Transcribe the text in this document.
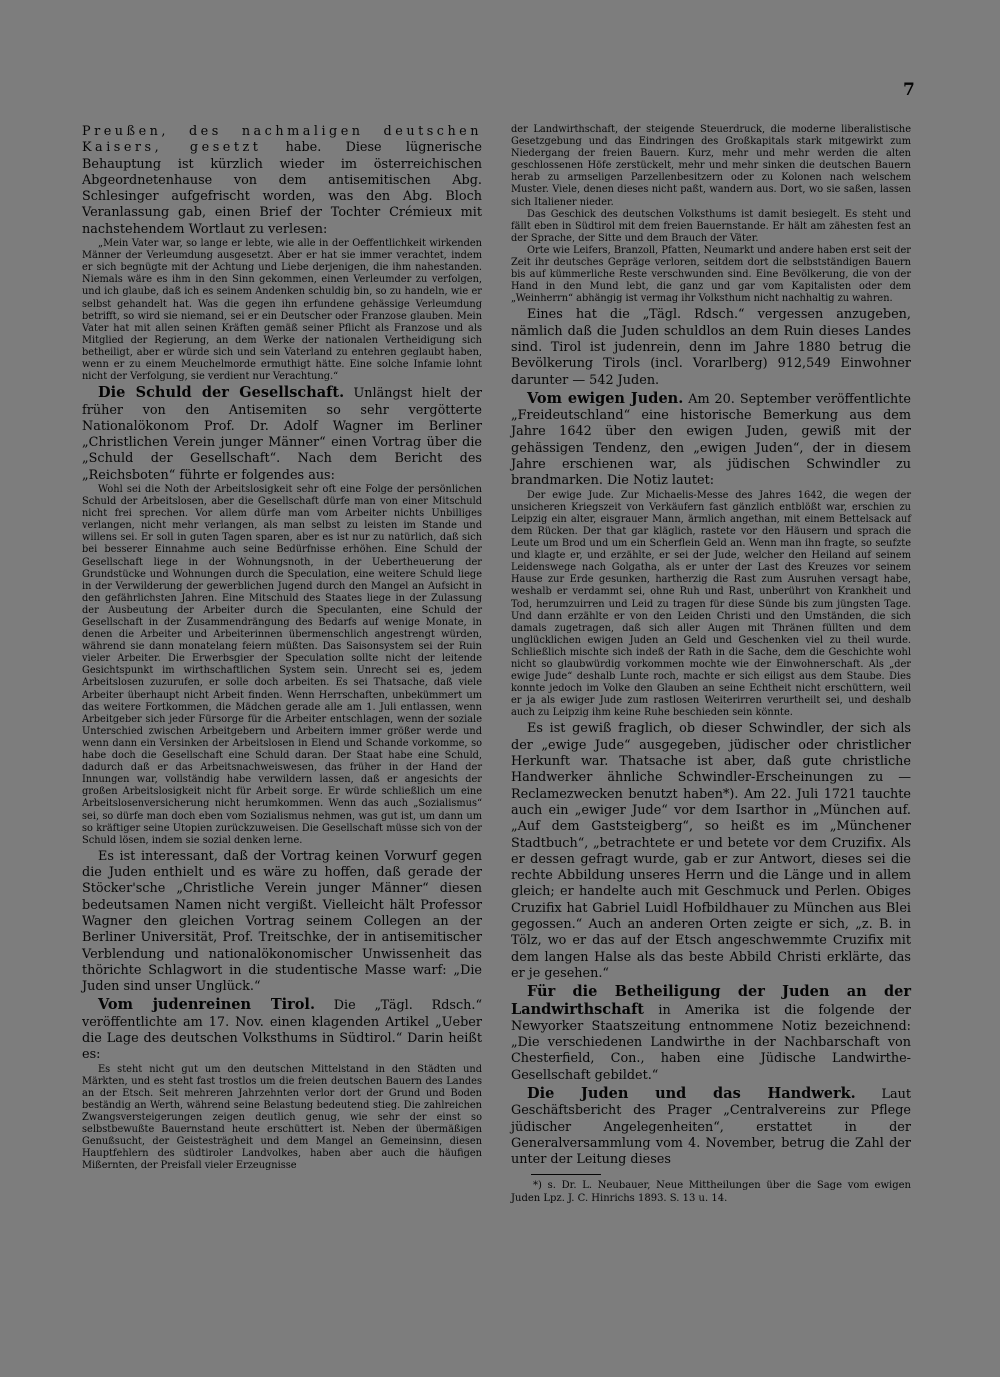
7

Preußen, des nachmaligen deutschen Kaisers, gesetzt habe. Diese lügnerische Behauptung ist kürzlich wieder im österreichischen Abgeordnetenhause von dem antisemitischen Abg. Schlesinger aufgefrischt worden, was den Abg. Bloch Veranlassung gab, einen Brief der Tochter Crémieux mit nachstehendem Wortlaut zu verlesen:

„Mein Vater war, so lange er lebte, wie alle in der Oeffentlichkeit wirkenden Männer der Verleumdung ausgesetzt. Aber er hat sie immer verachtet, indem er sich begnügte mit der Achtung und Liebe derjenigen, die ihm nahestanden. Niemals wäre es ihm in den Sinn gekommen, einen Verleumder zu verfolgen, und ich glaube, daß ich es seinem Andenken schuldig bin, so zu handeln, wie er selbst gehandelt hat. Was die gegen ihn erfundene gehässige Verleumdung betrifft, so wird sie niemand, sei er ein Deutscher oder Franzose glauben. Mein Vater hat mit allen seinen Kräften gemäß seiner Pflicht als Franzose und als Mitglied der Regierung, an dem Werke der nationalen Vertheidigung sich betheiligt, aber er würde sich und sein Vaterland zu entehren geglaubt haben, wenn er zu einem Meuchelmorde ermuthigt hätte. Eine solche Infamie lohnt nicht der Verfolgung, sie verdient nur Verachtung.“

Die Schuld der Gesellschaft. Unlängst hielt der früher von den Antisemiten so sehr vergötterte Nationalökonom Prof. Dr. Adolf Wagner im Berliner „Christlichen Verein junger Männer“ einen Vortrag über die „Schuld der Gesellschaft“. Nach dem Bericht des „Reichsboten“ führte er folgendes aus:

Wohl sei die Noth der Arbeitslosigkeit sehr oft eine Folge der persönlichen Schuld der Arbeitslosen, aber die Gesellschaft dürfe man von einer Mitschuld nicht frei sprechen. Vor allem dürfe man vom Arbeiter nichts Unbilliges verlangen, nicht mehr verlangen, als man selbst zu leisten im Stande und willens sei. Er soll in guten Tagen sparen, aber es ist nur zu natürlich, daß sich bei besserer Einnahme auch seine Bedürfnisse erhöhen. Eine Schuld der Gesellschaft liege in der Wohnungsnoth, in der Uebertheuerung der Grundstücke und Wohnungen durch die Speculation, eine weitere Schuld liege in der Verwilderung der gewerblichen Jugend durch den Mangel an Aufsicht in den gefährlichsten Jahren. Eine Mitschuld des Staates liege in der Zulassung der Ausbeutung der Arbeiter durch die Speculanten, eine Schuld der Gesellschaft in der Zusammendrängung des Bedarfs auf wenige Monate, in denen die Arbeiter und Arbeiterinnen übermenschlich angestrengt würden, während sie dann monatelang feiern müßten. Das Saisonsystem sei der Ruin vieler Arbeiter. Die Erwerbsgier der Speculation sollte nicht der leitende Gesichtspunkt im wirthschaftlichen System sein. Unrecht sei es, jedem Arbeitslosen zuzurufen, er solle doch arbeiten. Es sei Thatsache, daß viele Arbeiter überhaupt nicht Arbeit finden. Wenn Herrschaften, unbekümmert um das weitere Fortkommen, die Mädchen gerade alle am 1. Juli entlassen, wenn Arbeitgeber sich jeder Fürsorge für die Arbeiter entschlagen, wenn der soziale Unterschied zwischen Arbeitgebern und Arbeitern immer größer werde und wenn dann ein Versinken der Arbeitslosen in Elend und Schande vorkomme, so habe doch die Gesellschaft eine Schuld daran. Der Staat habe eine Schuld, dadurch daß er das Arbeitsnachweiswesen, das früher in der Hand der Innungen war, vollständig habe verwildern lassen, daß er angesichts der großen Arbeitslosigkeit nicht für Arbeit sorge. Er würde schließlich um eine Arbeitslosenversicherung nicht herumkommen. Wenn das auch „Sozialismus“ sei, so dürfe man doch eben vom Sozialismus nehmen, was gut ist, um dann um so kräftiger seine Utopien zurückzuweisen. Die Gesellschaft müsse sich von der Schuld lösen, indem sie sozial denken lerne.

Es ist interessant, daß der Vortrag keinen Vorwurf gegen die Juden enthielt und es wäre zu hoffen, daß gerade der Stöcker'sche „Christliche Verein junger Männer“ diesen bedeutsamen Namen nicht vergißt. Vielleicht hält Professor Wagner den gleichen Vortrag seinem Collegen an der Berliner Universität, Prof. Treitschke, der in antisemitischer Verblendung und nationalökonomischer Unwissenheit das thörichte Schlagwort in die studentische Masse warf: „Die Juden sind unser Unglück.“

Vom judenreinen Tirol. Die „Tägl. Rdsch.“ veröffentlichte am 17. Nov. einen klagenden Artikel „Ueber die Lage des deutschen Volksthums in Südtirol.“ Darin heißt es:

Es steht nicht gut um den deutschen Mittelstand in den Städten und Märkten, und es steht fast trostlos um die freien deutschen Bauern des Landes an der Etsch. Seit mehreren Jahrzehnten verlor dort der Grund und Boden beständig an Werth, während seine Belastung bedeutend stieg. Die zahlreichen Zwangsversteigerungen zeigen deutlich genug, wie sehr der einst so selbstbewußte Bauernstand heute erschüttert ist. Neben der übermäßigen Genußsucht, der Geistesträgheit und dem Mangel an Gemeinsinn, diesen Hauptfehlern des südtiroler Landvolkes, haben aber auch die häufigen Mißernten, der Preisfall vieler Erzeugnisse

der Landwirthschaft, der steigende Steuerdruck, die moderne liberalistische Gesetzgebung und das Eindringen des Großkapitals stark mitgewirkt zum Niedergang der freien Bauern. Kurz, mehr und mehr werden die alten geschlossenen Höfe zerstückelt, mehr und mehr sinken die deutschen Bauern herab zu armseligen Parzellenbesitzern oder zu Kolonen nach welschem Muster. Viele, denen dieses nicht paßt, wandern aus. Dort, wo sie saßen, lassen sich Italiener nieder.

Das Geschick des deutschen Volksthums ist damit besiegelt. Es steht und fällt eben in Südtirol mit dem freien Bauernstande. Er hält am zähesten fest an der Sprache, der Sitte und dem Brauch der Väter.

Orte wie Leifers, Branzoll, Pfatten, Neumarkt und andere haben erst seit der Zeit ihr deutsches Gepräge verloren, seitdem dort die selbstständigen Bauern bis auf kümmerliche Reste verschwunden sind. Eine Bevölkerung, die von der Hand in den Mund lebt, die ganz und gar vom Kapitalisten oder dem „Weinherrn“ abhängig ist vermag ihr Volksthum nicht nachhaltig zu wahren.

Eines hat die „Tägl. Rdsch.“ vergessen anzugeben, nämlich daß die Juden schuldlos an dem Ruin dieses Landes sind. Tirol ist judenrein, denn im Jahre 1880 betrug die Bevölkerung Tirols (incl. Vorarlberg) 912,549 Einwohner darunter — 542 Juden.

Vom ewigen Juden. Am 20. September veröffentlichte „Freideutschland“ eine historische Bemerkung aus dem Jahre 1642 über den ewigen Juden, gewiß mit der gehässigen Tendenz, den „ewigen Juden“, der in diesem Jahre erschienen war, als jüdischen Schwindler zu brandmarken. Die Notiz lautet:

Der ewige Jude. Zur Michaelis-Messe des Jahres 1642, die wegen der unsicheren Kriegszeit von Verkäufern fast gänzlich entblößt war, erschien zu Leipzig ein alter, eisgrauer Mann, ärmlich angethan, mit einem Bettelsack auf dem Rücken. Der that gar kläglich, rastete vor den Häusern und sprach die Leute um Brod und um ein Scherflein Geld an. Wenn man ihn fragte, so seufzte und klagte er, und erzählte, er sei der Jude, welcher den Heiland auf seinem Leidenswege nach Golgatha, als er unter der Last des Kreuzes vor seinem Hause zur Erde gesunken, hartherzig die Rast zum Ausruhen versagt habe, weshalb er verdammt sei, ohne Ruh und Rast, unberührt von Krankheit und Tod, herumzuirren und Leid zu tragen für diese Sünde bis zum jüngsten Tage. Und dann erzählte er von den Leiden Christi und den Umständen, die sich damals zugetragen, daß sich aller Augen mit Thränen füllten und dem unglücklichen ewigen Juden an Geld und Geschenken viel zu theil wurde. Schließlich mischte sich indeß der Rath in die Sache, dem die Geschichte wohl nicht so glaubwürdig vorkommen mochte wie der Einwohnerschaft. Als „der ewige Jude“ deshalb Lunte roch, machte er sich eiligst aus dem Staube. Dies konnte jedoch im Volke den Glauben an seine Echtheit nicht erschüttern, weil er ja als ewiger Jude zum rastlosen Weiterirren verurtheilt sei, und deshalb auch zu Leipzig ihm keine Ruhe beschieden sein könnte.

Es ist gewiß fraglich, ob dieser Schwindler, der sich als der „ewige Jude“ ausgegeben, jüdischer oder christlicher Herkunft war. Thatsache ist aber, daß gute christliche Handwerker ähnliche Schwindler-Erscheinungen zu — Reclamezwecken benutzt haben*). Am 22. Juli 1721 tauchte auch ein „ewiger Jude“ vor dem Isarthor in „München auf. „Auf dem Gaststeigberg“, so heißt es im „Münchener Stadtbuch“, „betrachtete er und betete vor dem Cruzifix. Als er dessen gefragt wurde, gab er zur Antwort, dieses sei die rechte Abbildung unseres Herrn und die Länge und in allem gleich; er handelte auch mit Geschmuck und Perlen. Obiges Cruzifix hat Gabriel Luidl Hofbildhauer zu München aus Blei gegossen.“ Auch an anderen Orten zeigte er sich, „z. B. in Tölz, wo er das auf der Etsch angeschwemmte Cruzifix mit dem langen Halse als das beste Abbild Christi erklärte, das er je gesehen.“

Für die Betheiligung der Juden an der Landwirthschaft in Amerika ist die folgende der Newyorker Staatszeitung entnommene Notiz bezeichnend: „Die verschiedenen Landwirthe in der Nachbarschaft von Chesterfield, Con., haben eine Jüdische Landwirthe-Gesellschaft gebildet.“

Die Juden und das Handwerk. Laut Geschäftsbericht des Prager „Centralvereins zur Pflege jüdischer Angelegenheiten“, erstattet in der Generalversammlung vom 4. November, betrug die Zahl der unter der Leitung dieses

*) s. Dr. L. Neubauer, Neue Mittheilungen über die Sage vom ewigen Juden Lpz. J. C. Hinrichs 1893. S. 13 u. 14.
